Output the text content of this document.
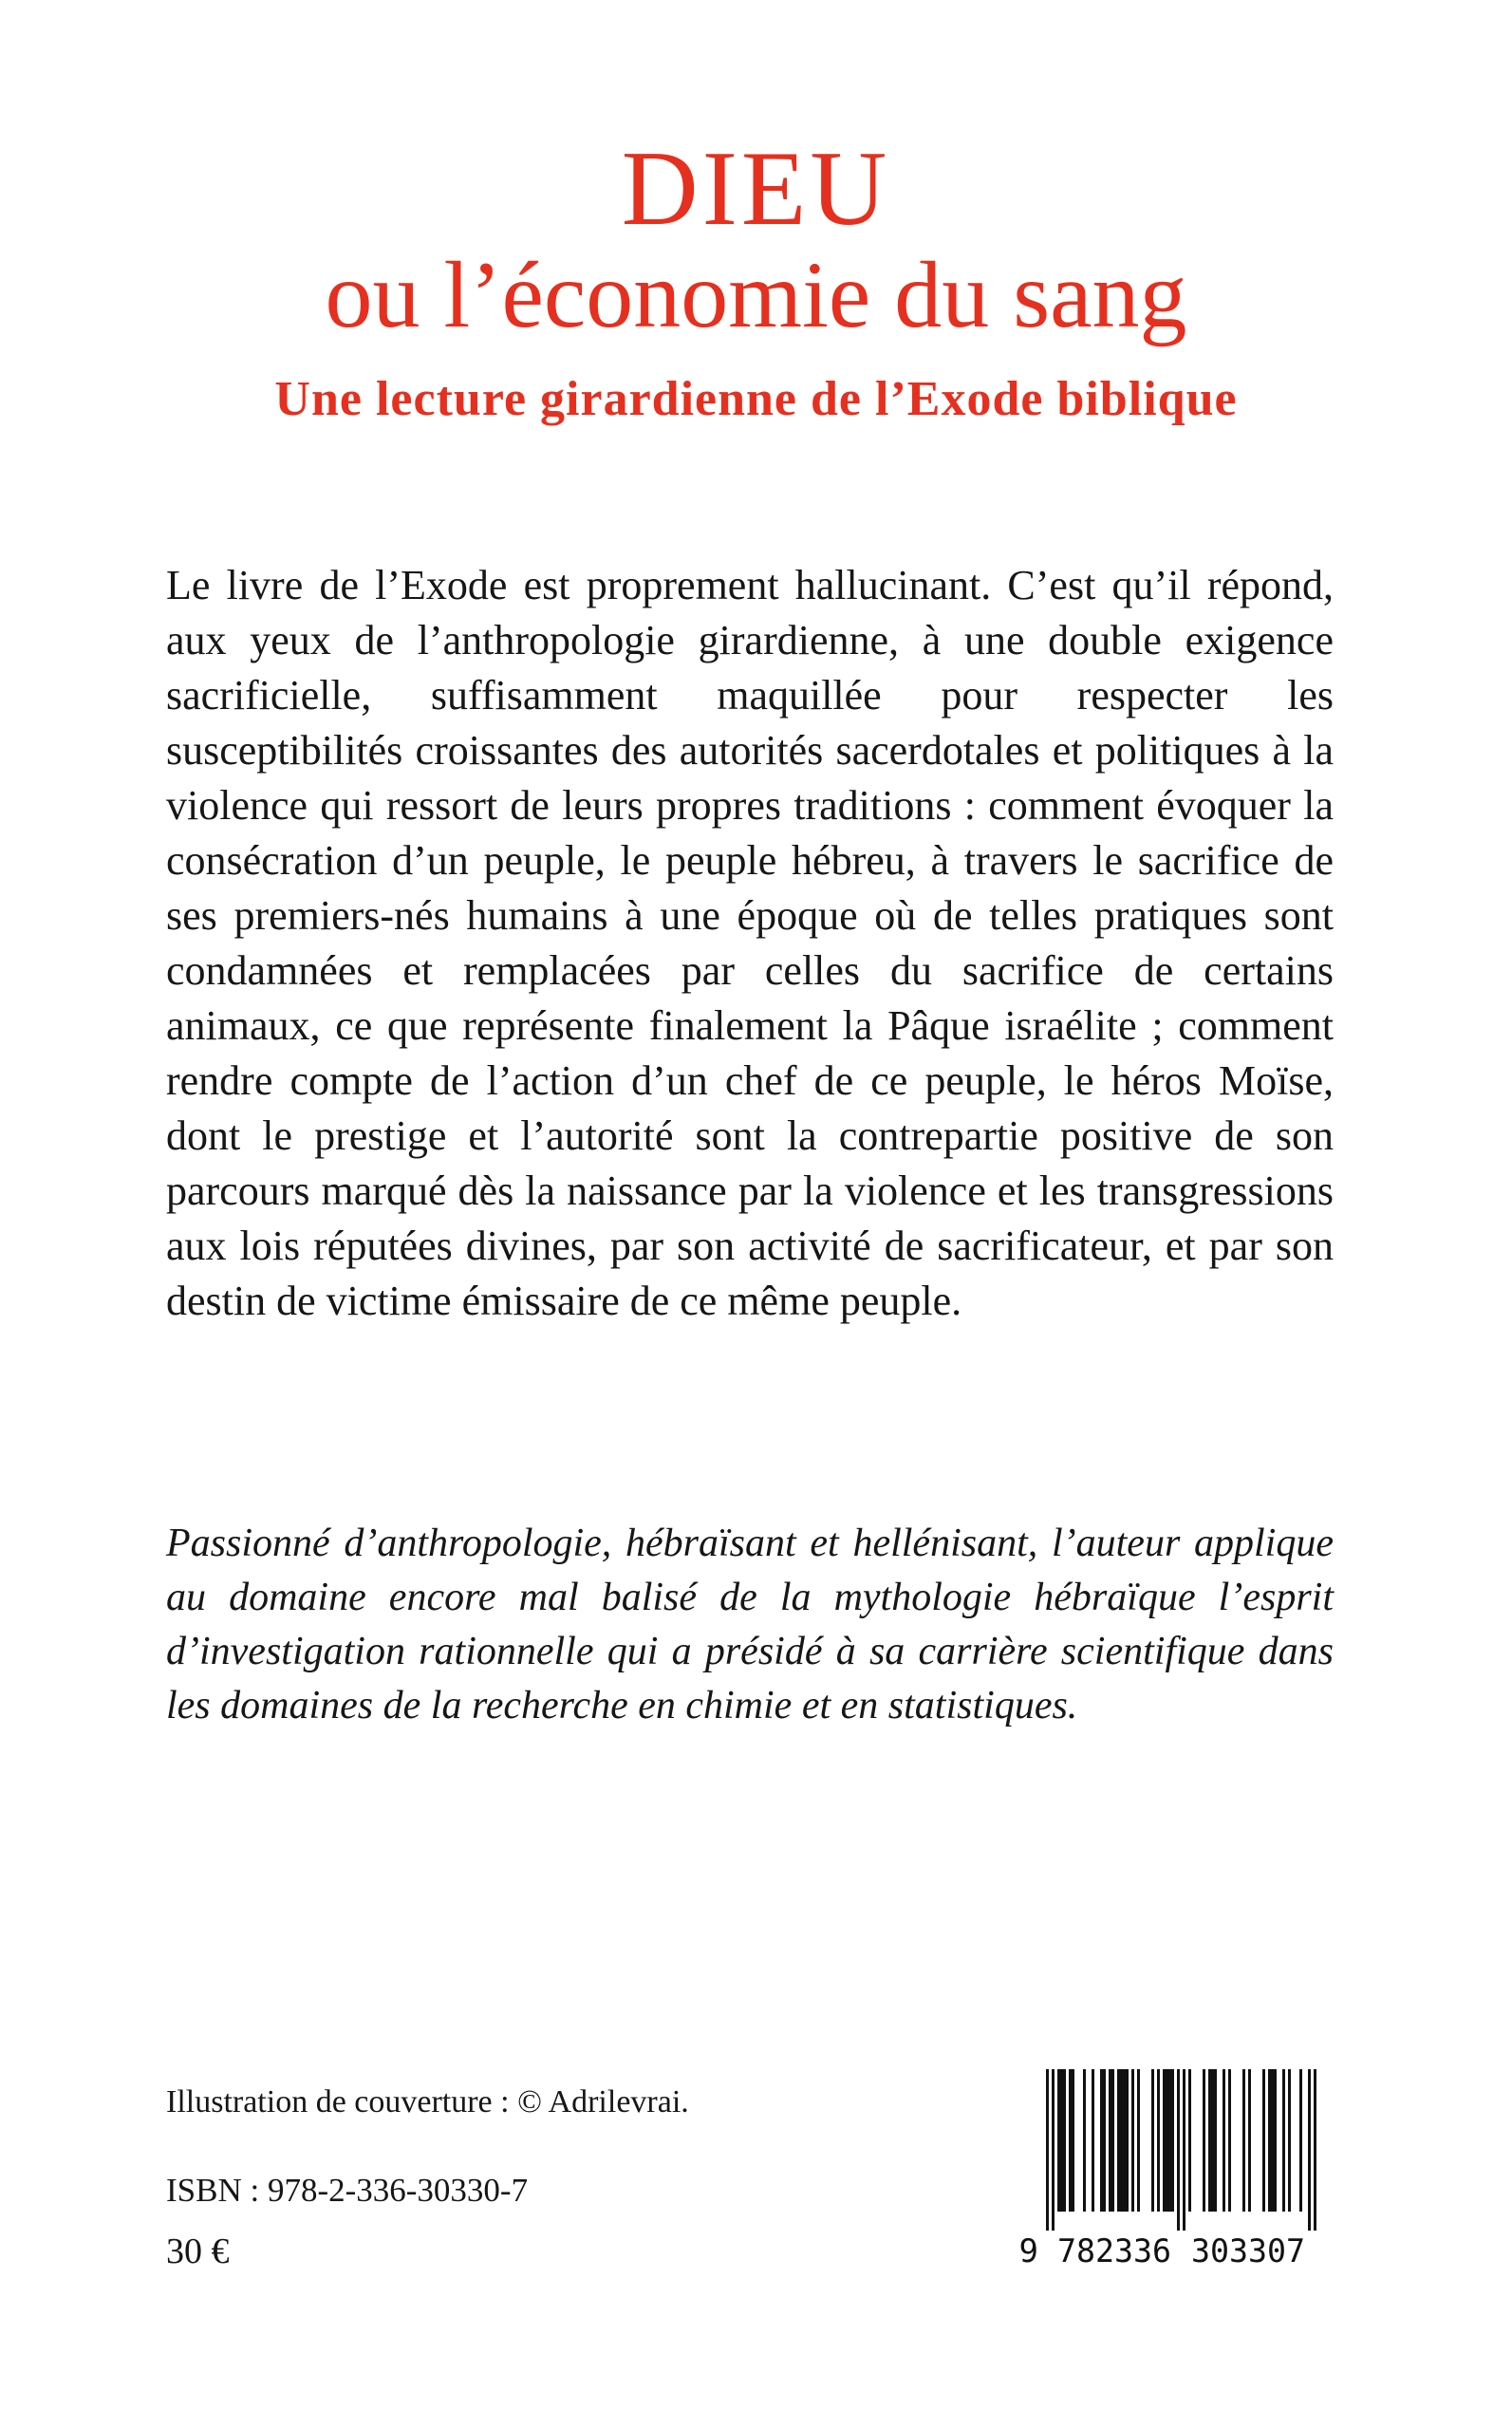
DIEU
ou l’économie du sang
Une lecture girardienne de l’Exode biblique

Le livre de l’Exode est proprement hallucinant. C’est qu’il répond, aux yeux de l’anthropologie girardienne, à une double exigence sacrificielle, suffisamment maquillée pour respecter les susceptibilités croissantes des autorités sacerdotales et politiques à la violence qui ressort de leurs propres traditions : comment évoquer la consécration d’un peuple, le peuple hébreu, à travers le sacrifice de ses premiers-nés humains à une époque où de telles pratiques sont condamnées et remplacées par celles du sacrifice de certains animaux, ce que représente finalement la Pâque israélite ; comment rendre compte de l’action d’un chef de ce peuple, le héros Moïse, dont le prestige et l’autorité sont la contrepartie positive de son parcours marqué dès la naissance par la violence et les transgressions aux lois réputées divines, par son activité de sacrificateur, et par son destin de victime émissaire de ce même peuple.

Passionné d’anthropologie, hébraïsant et hellénisant, l’auteur applique au domaine encore mal balisé de la mythologie hébraïque l’esprit d’investigation rationnelle qui a présidé à sa carrière scientifique dans les domaines de la recherche en chimie et en statistiques.

Illustration de couverture : © Adrilevrai.
ISBN : 978-2-336-30330-7
30 €	9 782336 303307
